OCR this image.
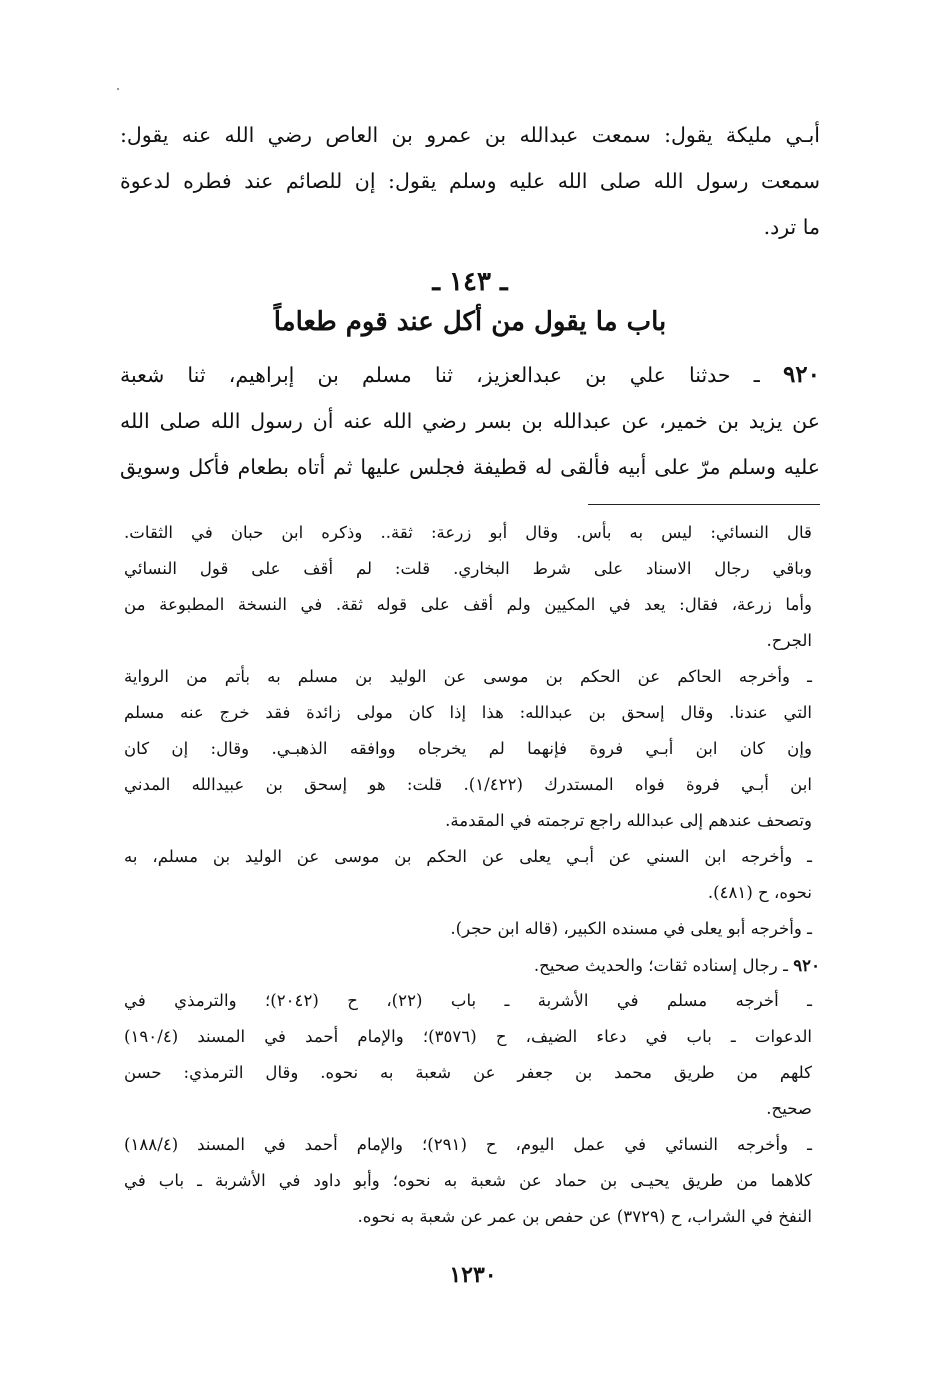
أبـي مليكة يقول: سمعت عبدالله بن عمرو بن العاص رضي الله عنه يقول:
سمعت رسول الله صلى الله عليه وسلم يقول: إن للصائم عند فطره لدعوة
ما ترد.
ـ ١٤٣ ـ
باب ما يقول من أكل عند قوم طعاماً
٩٢٠ ـ حدثنا علي بن عبدالعزيز، ثنا مسلم بن إبراهيم، ثنا شعبة
عن يزيد بن خمير، عن عبدالله بن بسر رضي الله عنه أن رسول الله صلى الله
عليه وسلم مرّ على أبيه فألقى له قطيفة فجلس عليها ثم أتاه بطعام فأكل وسويق
قال النسائي: ليس به بأس. وقال أبو زرعة: ثقة.. وذكره ابن حبان في الثقات.
وباقي رجال الاسناد على شرط البخاري. قلت: لم أقف على قول النسائي
وأما زرعة، فقال: يعد في المكيين ولم أقف على قوله ثقة. في النسخة المطبوعة من
الجرح.
ـ وأخرجه الحاكم عن الحكم بن موسى عن الوليد بن مسلم به بأتم من الرواية
التي عندنا. وقال إسحق بن عبدالله: هذا إذا كان مولى زائدة فقد خرج عنه مسلم
وإن كان ابن أبـي فروة فإنهما لم يخرجاه ووافقه الذهبـي. وقال: إن كان
ابن أبـي فروة فواه المستدرك (١/٤٢٢). قلت: هو إسحق بن عبيدالله المدني
وتصحف عندهم إلى عبدالله راجع ترجمته في المقدمة.
ـ وأخرجه ابن السني عن أبـي يعلى عن الحكم بن موسى عن الوليد بن مسلم، به
نحوه، ح (٤٨١).
ـ وأخرجه أبو يعلى في مسنده الكبير، (قاله ابن حجر).
٩٢٠ ـ رجال إسناده ثقات؛ والحديث صحيح.
ـ أخرجه مسلم في الأشربة ـ باب (٢٢)، ح (٢٠٤٢)؛ والترمذي في
الدعوات ـ باب في دعاء الضيف، ح (٣٥٧٦)؛ والإمام أحمد في المسند (١٩٠/٤)
كلهم من طريق محمد بن جعفر عن شعبة به نحوه. وقال الترمذي: حسن
صحيح.
ـ وأخرجه النسائي في عمل اليوم، ح (٢٩١)؛ والإمام أحمد في المسند (١٨٨/٤)
كلاهما من طريق يحيـى بن حماد عن شعبة به نحوه؛ وأبو داود في الأشربة ـ باب في
النفخ في الشراب، ح (٣٧٢٩) عن حفص بن عمر عن شعبة به نحوه.
١٢٣٠
